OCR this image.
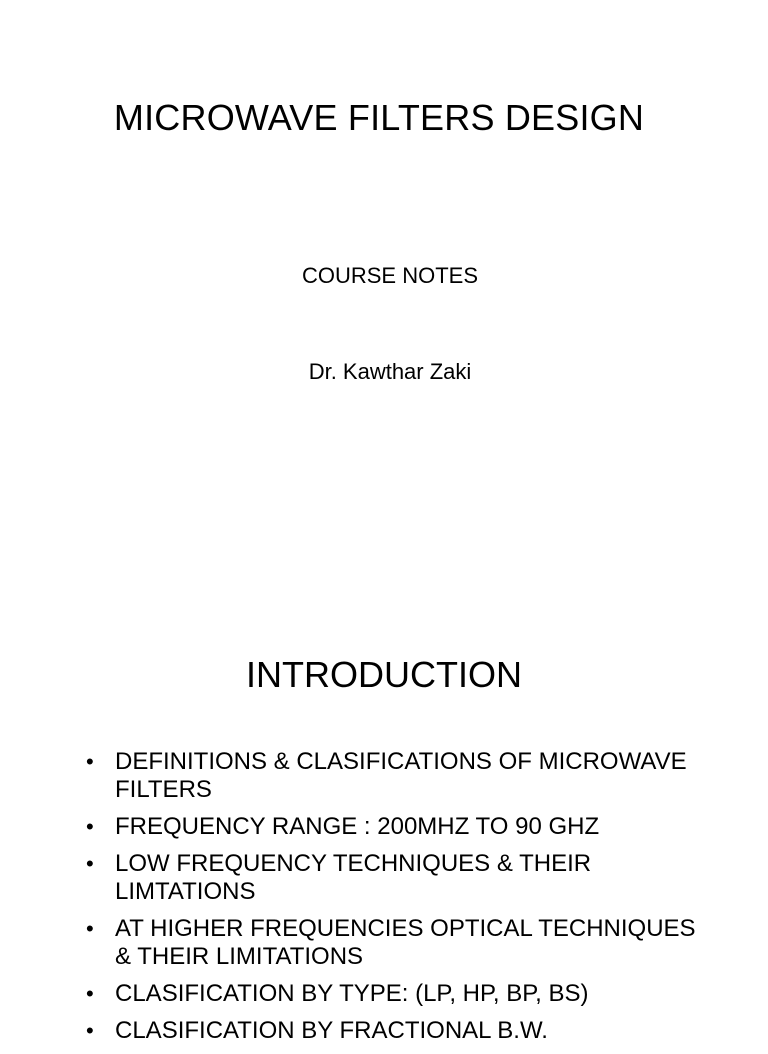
MICROWAVE FILTERS DESIGN
COURSE NOTES
Dr. Kawthar Zaki
INTRODUCTION
• DEFINITIONS & CLASIFICATIONS OF MICROWAVE FILTERS
• FREQUENCY RANGE : 200MHZ TO 90 GHZ
• LOW FREQUENCY TECHNIQUES & THEIR LIMTATIONS
• AT HIGHER FREQUENCIES OPTICAL TECHNIQUES & THEIR LIMITATIONS
• CLASIFICATION BY TYPE: (LP, HP, BP, BS)
• CLASIFICATION BY FRACTIONAL B.W.
